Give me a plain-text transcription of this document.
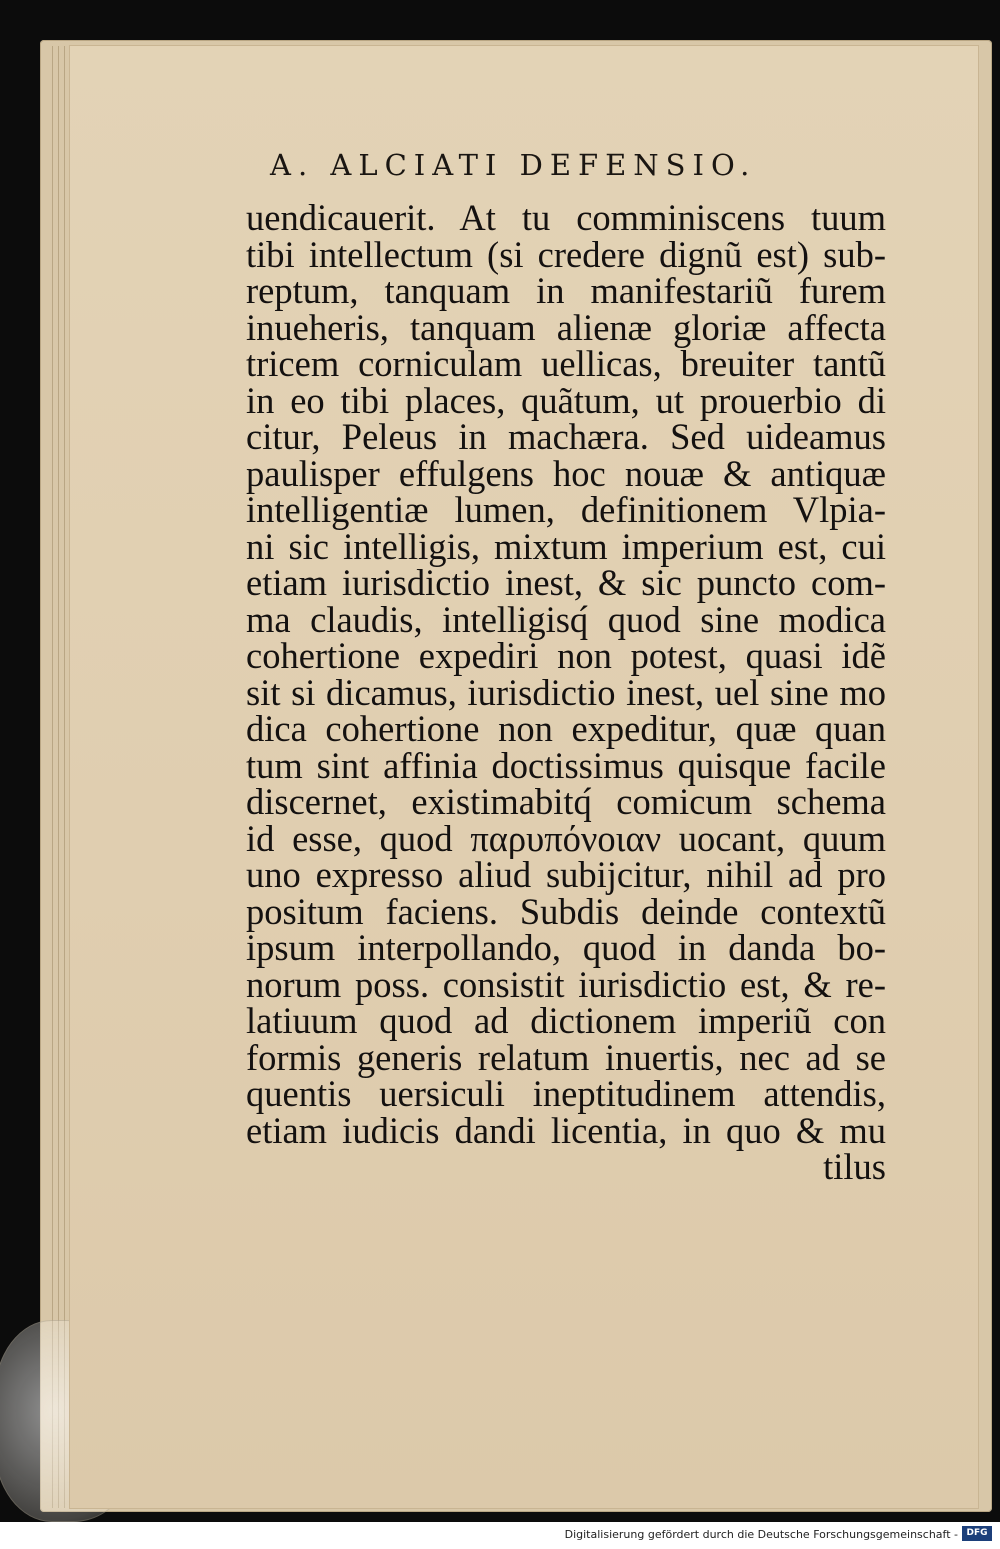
A. ALCIATI DEFENSIO.
uendicauerit. At tu comminiscens tuum
tibi intellectum (si credere dignũ est) sub-
reptum, tanquam in manifestariũ furem
inueheris, tanquam alienæ gloriæ affecta
tricem corniculam uellicas, breuiter tantũ
in eo tibi places, quãtum, ut prouerbio di
citur, Peleus in machæra. Sed uideamus
paulisper effulgens hoc nouæ & antiquæ
intelligentiæ lumen, definitionem Vlpia-
ni sic intelligis, mixtum imperium est, cui
etiam iurisdictio inest, & sic puncto com-
ma claudis, intelligisq́ quod sine modica
cohertione expediri non potest, quasi idẽ
sit si dicamus, iurisdictio inest, uel sine mo
dica cohertione non expeditur, quæ quan
tum sint affinia doctissimus quisque facile
discernet, existimabitq́ comicum schema
id esse, quod παρυπόνοιαν uocant, quum
uno expresso aliud subijcitur, nihil ad pro
positum faciens. Subdis deinde contextũ
ipsum interpollando, quod in danda bo-
norum poss. consistit iurisdictio est, & re-
latiuum quod ad dictionem imperiũ con
formis generis relatum inuertis, nec ad se
quentis uersiculi ineptitudinem attendis,
etiam iudicis dandi licentia, in quo & mu
tilus
Digitalisierung gefördert durch die Deutsche Forschungsgemeinschaft - DFG
